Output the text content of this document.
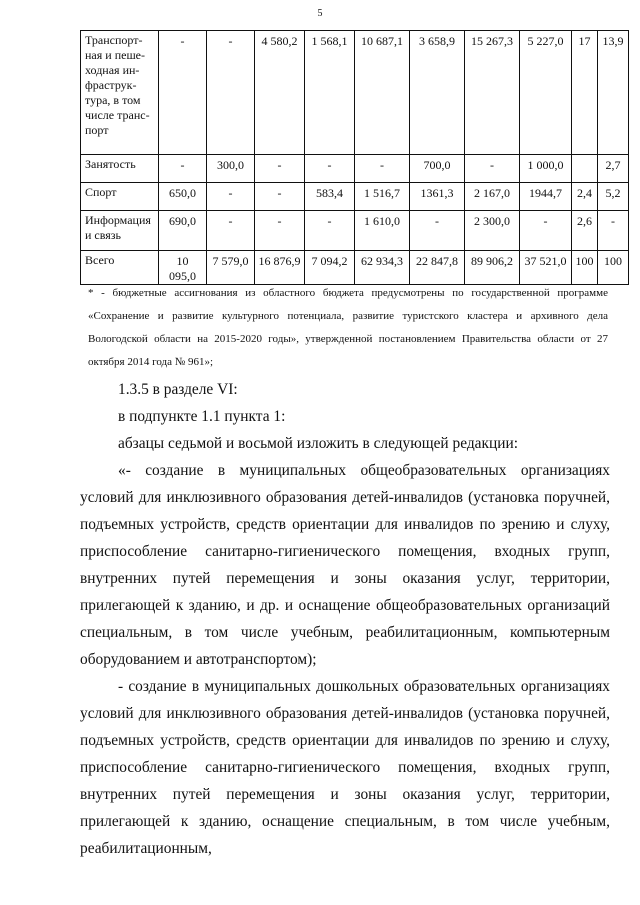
5
Транспорт-ная и пеше-ходная ин-фраструк-тура, в том числе транс-порт	-	-	4 580,2	1 568,1	10 687,1	3 658,9	15 267,3	5 227,0	17	13,9
Занятость	-	300,0	-	-	-	700,0	-	1 000,0		2,7
Спорт	650,0	-	-	583,4	1 516,7	1361,3	2 167,0	1944,7	2,4	5,2
Информация и связь	690,0	-	-	-	1 610,0	-	2 300,0	-	2,6	-
Всего	10 095,0	7 579,0	16 876,9	7 094,2	62 934,3	22 847,8	89 906,2	37 521,0	100	100
* - бюджетные ассигнования из областного бюджета предусмотрены по государственной программе «Сохранение и развитие культурного потенциала, развитие туристского кластера и архивного дела Вологодской области на 2015-2020 годы», утвержденной постановлением Правительства области от 27 октября 2014 года № 961»;

1.3.5 в разделе VI:

в подпункте 1.1 пункта 1:

абзацы седьмой и восьмой изложить в следующей редакции:

«- создание в муниципальных общеобразовательных организациях условий для инклюзивного образования детей-инвалидов (установка поручней, подъемных устройств, средств ориентации для инвалидов по зрению и слуху, приспособление санитарно-гигиенического помещения, входных групп, внутренних путей перемещения и зоны оказания услуг, территории, прилегающей к зданию, и др. и оснащение общеобразовательных организаций специальным, в том числе учебным, реабилитационным, компьютерным оборудованием и автотранспортом);

- создание в муниципальных дошкольных образовательных организациях условий для инклюзивного образования детей-инвалидов (установка поручней, подъемных устройств, средств ориентации для инвалидов по зрению и слуху, приспособление санитарно-гигиенического помещения, входных групп, внутренних путей перемещения и зоны оказания услуг, территории, прилегающей к зданию, оснащение специальным, в том числе учебным, реабилитационным,
